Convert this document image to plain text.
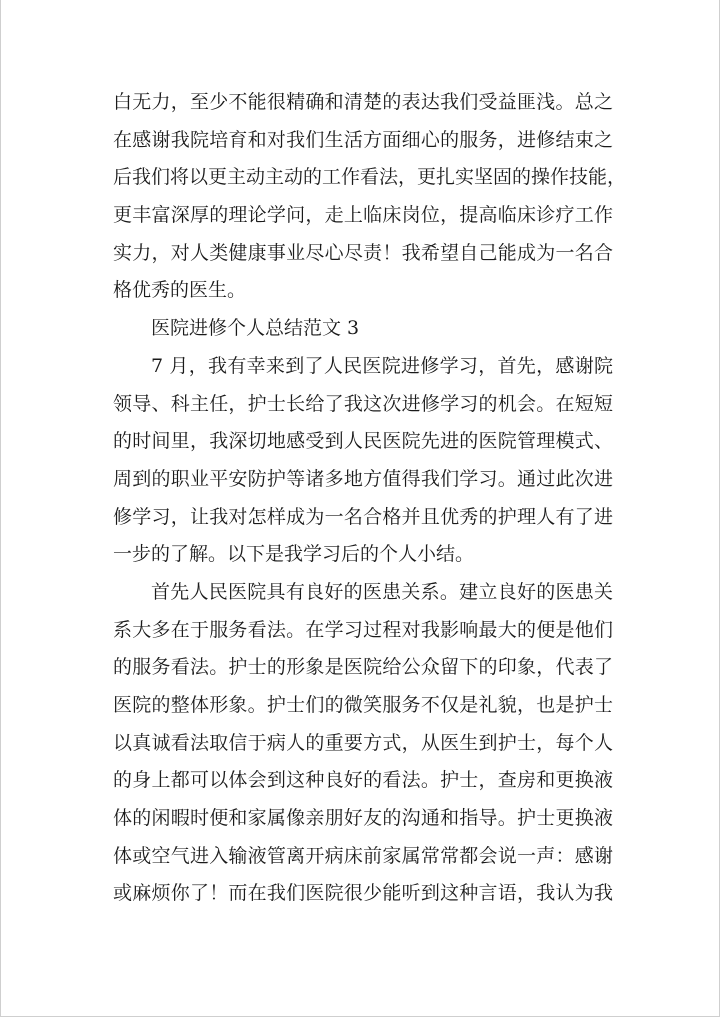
白无力，至少不能很精确和清楚的表达我们受益匪浅。总之
在感谢我院培育和对我们生活方面细心的服务，进修结束之
后我们将以更主动主动的工作看法，更扎实坚固的操作技能，
更丰富深厚的理论学问，走上临床岗位，提高临床诊疗工作
实力，对人类健康事业尽心尽责！我希望自己能成为一名合
格优秀的医生。
医院进修个人总结范文 3
7 月，我有幸来到了人民医院进修学习，首先，感谢院
领导、科主任，护士长给了我这次进修学习的机会。在短短
的时间里，我深切地感受到人民医院先进的医院管理模式、
周到的职业平安防护等诸多地方值得我们学习。通过此次进
修学习，让我对怎样成为一名合格并且优秀的护理人有了进
一步的了解。以下是我学习后的个人小结。
首先人民医院具有良好的医患关系。建立良好的医患关
系大多在于服务看法。在学习过程对我影响最大的便是他们
的服务看法。护士的形象是医院给公众留下的印象，代表了
医院的整体形象。护士们的微笑服务不仅是礼貌，也是护士
以真诚看法取信于病人的重要方式，从医生到护士，每个人
的身上都可以体会到这种良好的看法。护士，查房和更换液
体的闲暇时便和家属像亲朋好友的沟通和指导。护士更换液
体或空气进入输液管离开病床前家属常常都会说一声：感谢
或麻烦你了！而在我们医院很少能听到这种言语，我认为我
